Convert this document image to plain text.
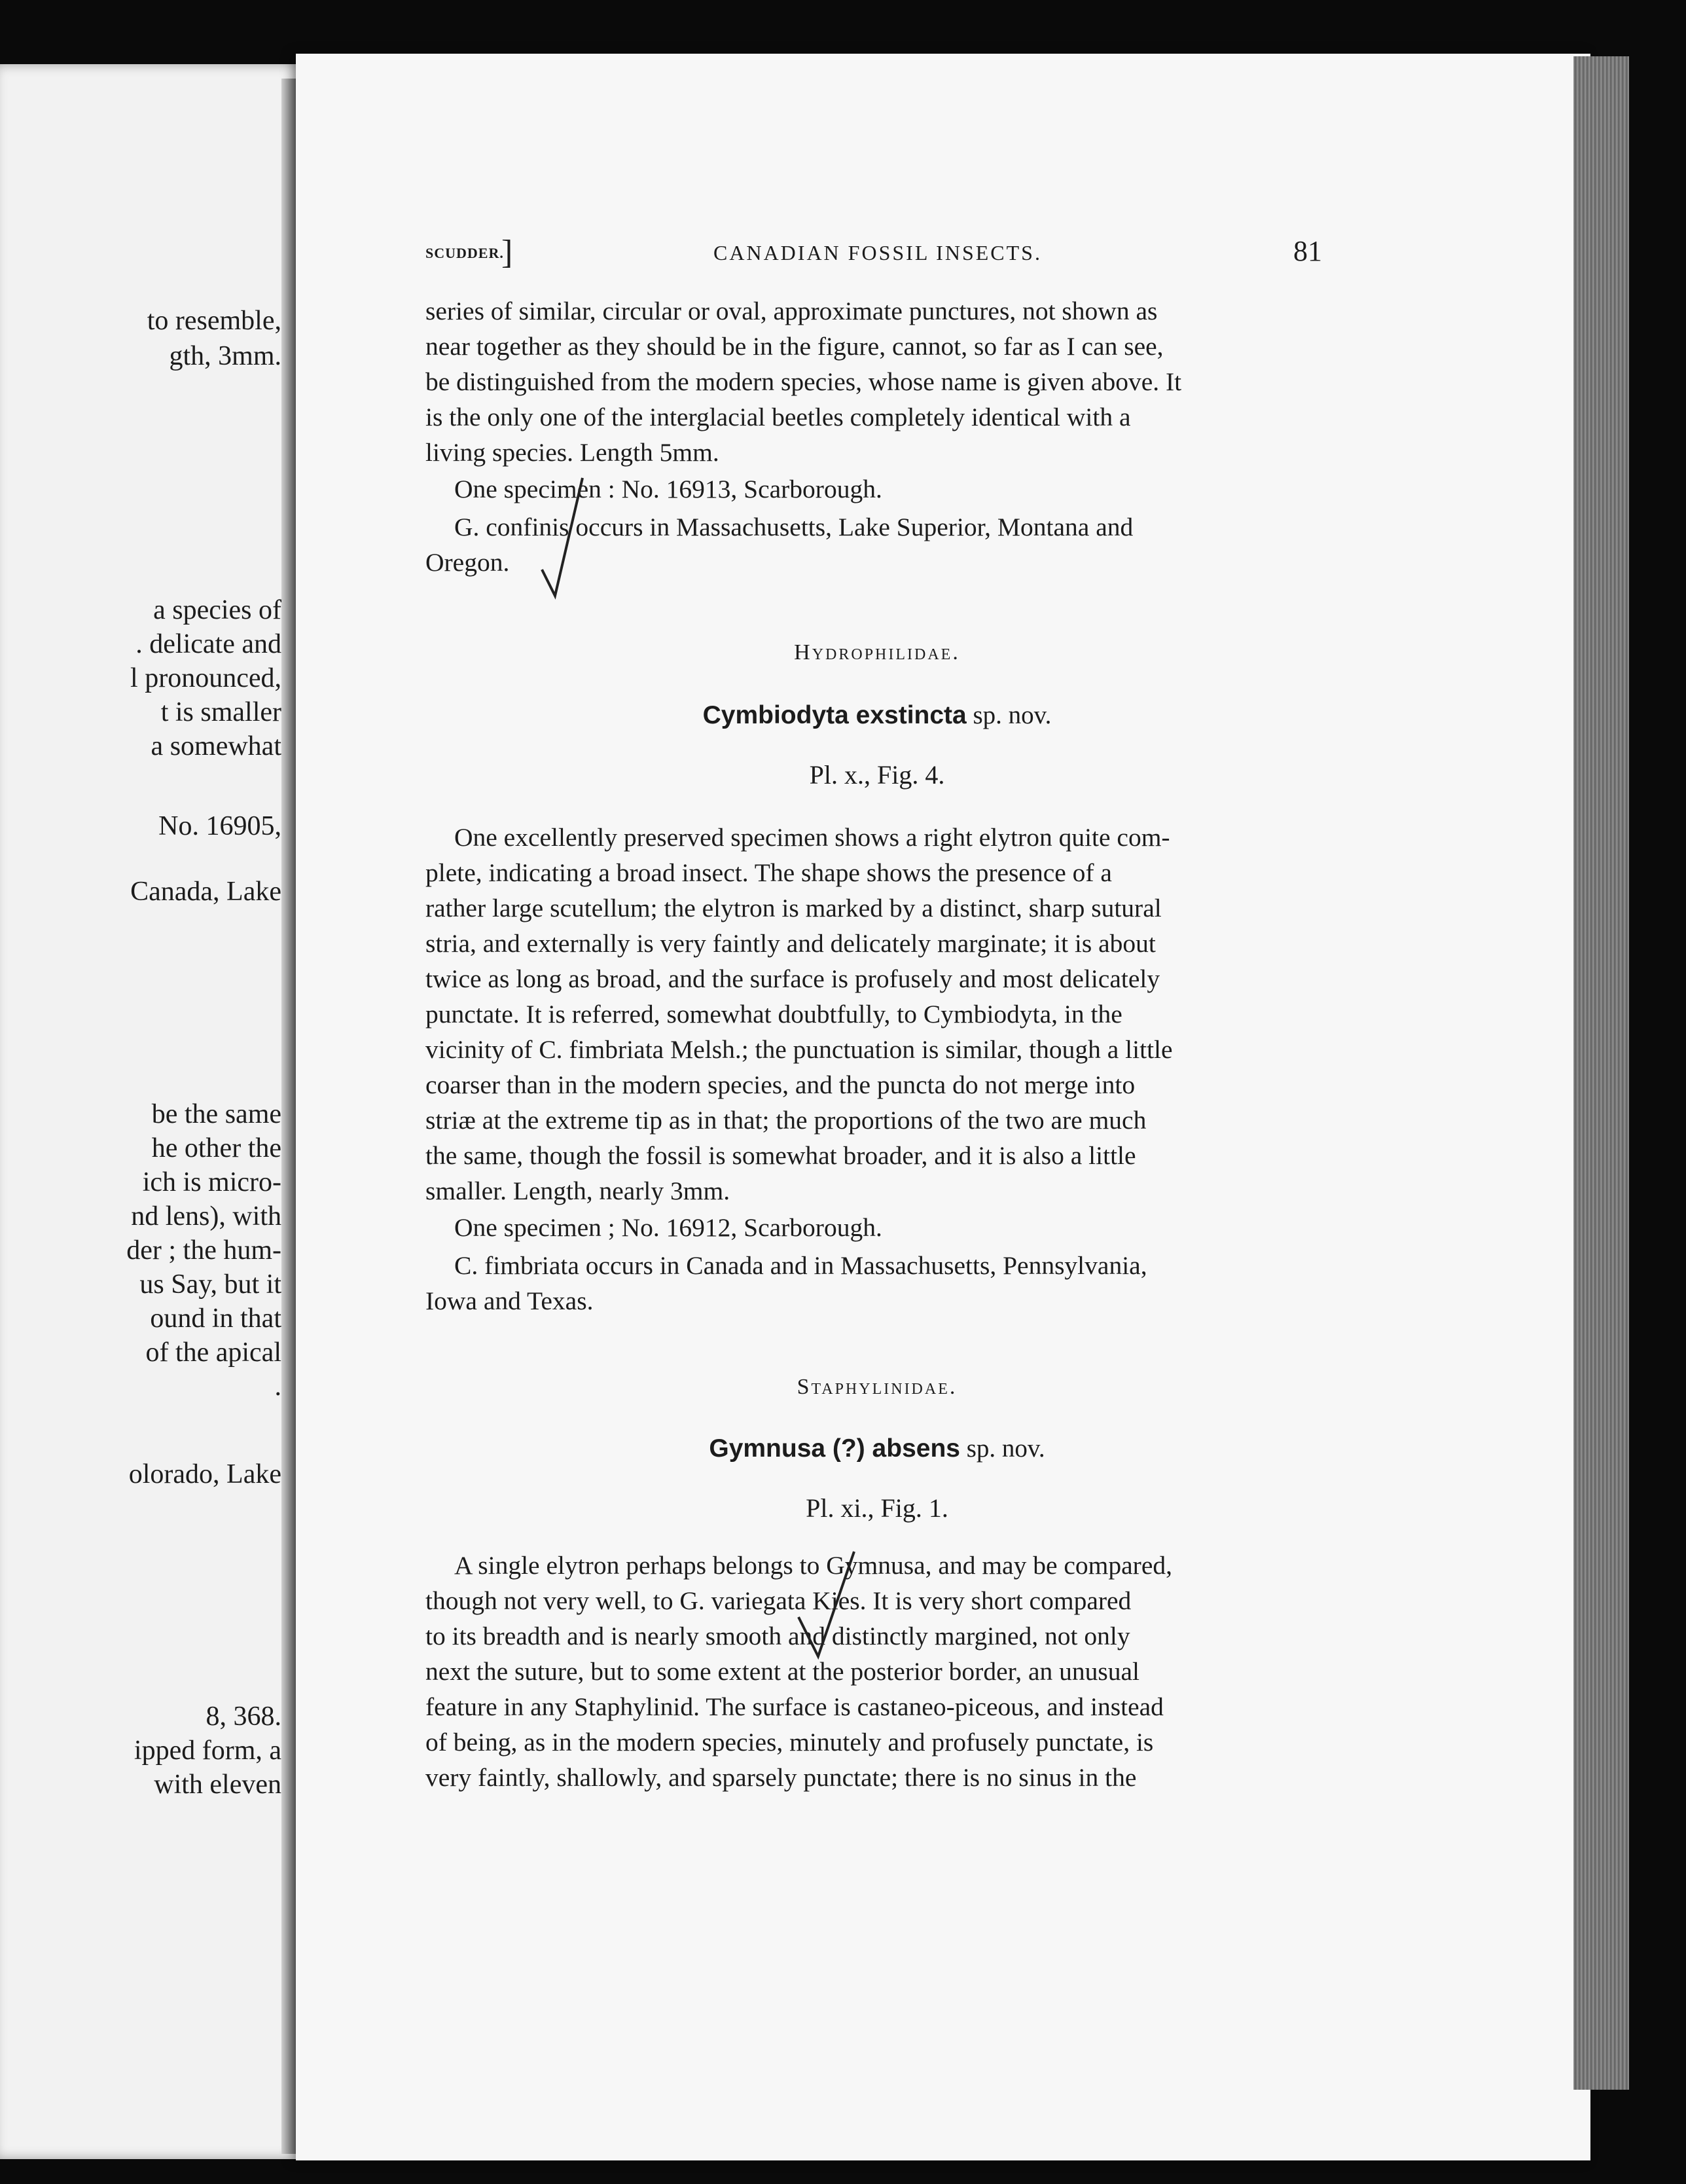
to resemble,
gth, 3mm.
a species of
. delicate and
l pronounced,
t is smaller
a somewhat
No. 16905,
Canada, Lake
be the same
he other the
ich is micro-
nd lens), with
der ; the hum-
us Say, but it
ound in that
of the apical
.
olorado, Lake
8, 368.
ipped form, a
with eleven
SCUDDER.
]	CANADIAN FOSSIL INSECTS.	81
series of similar, circular or oval, approximate punctures, not shown as
near together as they should be in the figure, cannot, so far as I can see,
be distinguished from the modern species, whose name is given above. It
is the only one of the interglacial beetles completely identical with a
living species. Length 5mm.
One specimen : No. 16913, Scarborough.
G. confinis occurs in Massachusetts, Lake Superior, Montana and
Oregon.
Hydrophilidae.
Cymbiodyta exstincta sp. nov.
Pl. x., Fig. 4.
One excellently preserved specimen shows a right elytron quite com-
plete, indicating a broad insect. The shape shows the presence of a
rather large scutellum; the elytron is marked by a distinct, sharp sutural
stria, and externally is very faintly and delicately marginate; it is about
twice as long as broad, and the surface is profusely and most delicately
punctate. It is referred, somewhat doubtfully, to Cymbiodyta, in the
vicinity of C. fimbriata Melsh.; the punctuation is similar, though a little
coarser than in the modern species, and the puncta do not merge into
striæ at the extreme tip as in that; the proportions of the two are much
the same, though the fossil is somewhat broader, and it is also a little
smaller. Length, nearly 3mm.
One specimen ; No. 16912, Scarborough.
C. fimbriata occurs in Canada and in Massachusetts, Pennsylvania,
Iowa and Texas.
Staphylinidae.
Gymnusa (?) absens sp. nov.
Pl. xi., Fig. 1.
A single elytron perhaps belongs to Gymnusa, and may be compared,
though not very well, to G. variegata Kies. It is very short compared
to its breadth and is nearly smooth and distinctly margined, not only
next the suture, but to some extent at the posterior border, an unusual
feature in any Staphylinid. The surface is castaneo-piceous, and instead
of being, as in the modern species, minutely and profusely punctate, is
very faintly, shallowly, and sparsely punctate; there is no sinus in the
